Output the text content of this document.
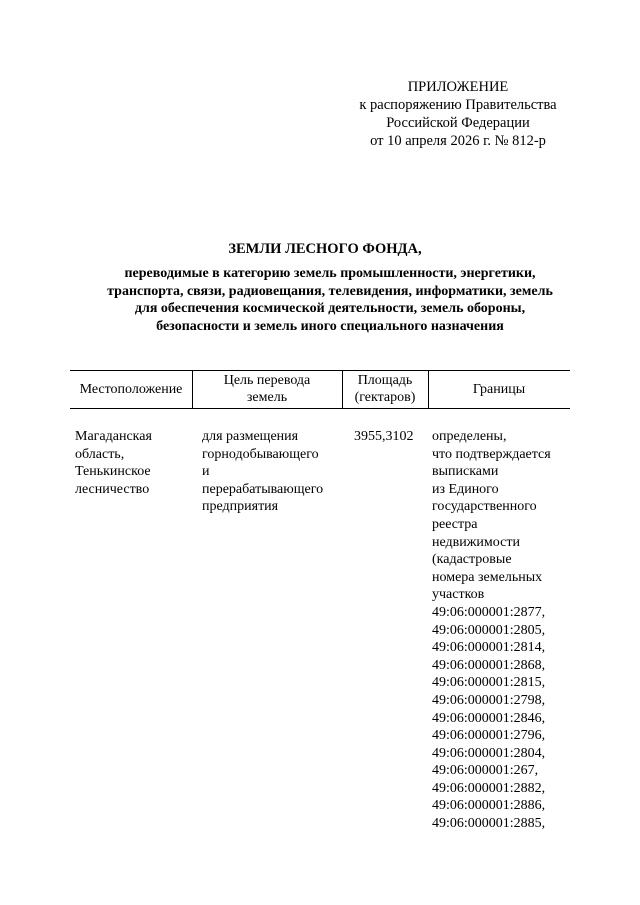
ПРИЛОЖЕНИЕ
к распоряжению Правительства
Российской Федерации
от 10 апреля 2026 г. № 812-р
ЗЕМЛИ ЛЕСНОГО ФОНДА,
переводимые в категорию земель промышленности, энергетики,
транспорта, связи, радиовещания, телевидения, информатики, земель
для обеспечения космической деятельности, земель обороны,
безопасности и земель иного специального назначения
Местоположение
Цель перевода
земель
Площадь
(гектаров)
Границы
Магаданская
область,
Тенькинское
лесничество
для размещения
горнодобывающего
и
перерабатывающего
предприятия
3955,3102	определены,
что подтверждается
выписками
из Единого
государственного
реестра
недвижимости
(кадастровые
номера земельных
участков
49:06:000001:2877,
49:06:000001:2805,
49:06:000001:2814,
49:06:000001:2868,
49:06:000001:2815,
49:06:000001:2798,
49:06:000001:2846,
49:06:000001:2796,
49:06:000001:2804,
49:06:000001:267,
49:06:000001:2882,
49:06:000001:2886,
49:06:000001:2885,
